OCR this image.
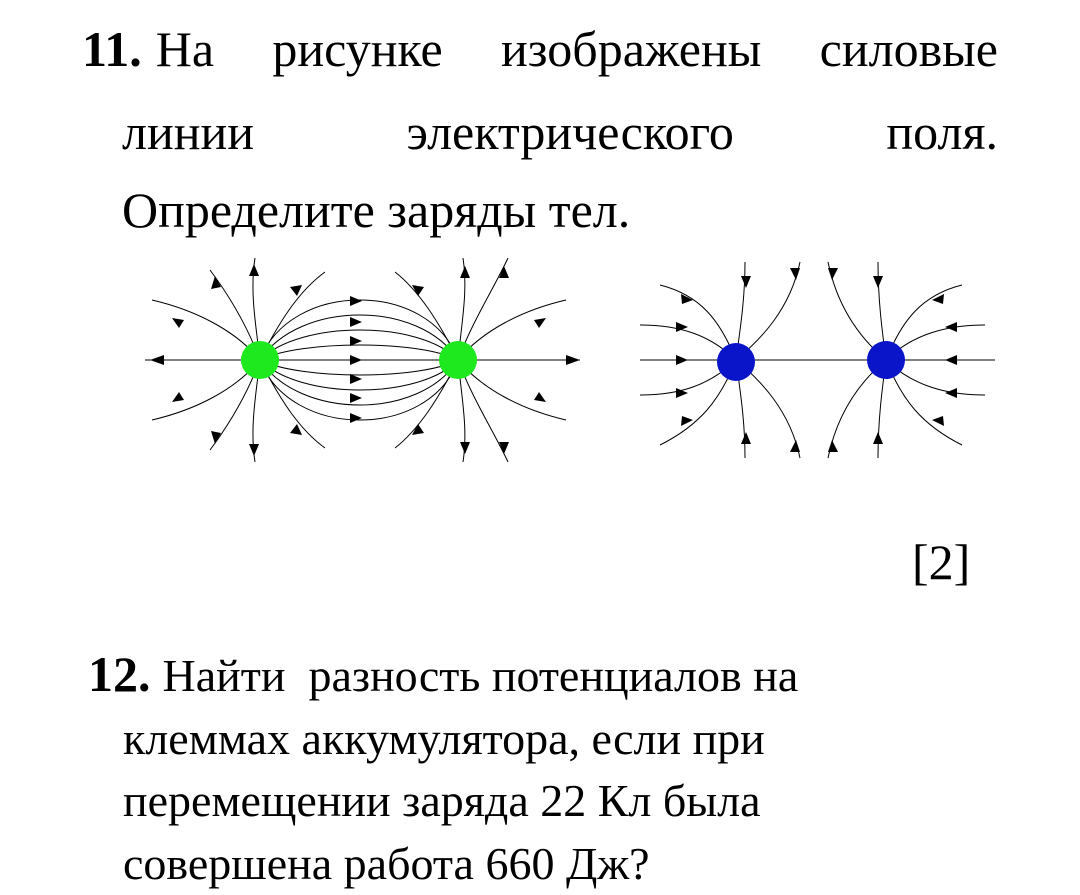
11. На рисунке изображены силовые
линии	электрического	поля.
Определите заряды тел.
[2]
12. Найти  разность потенциалов на
клеммах аккумулятора, если при
перемещении заряда 22 Кл была
совершена работа 660 Дж?
